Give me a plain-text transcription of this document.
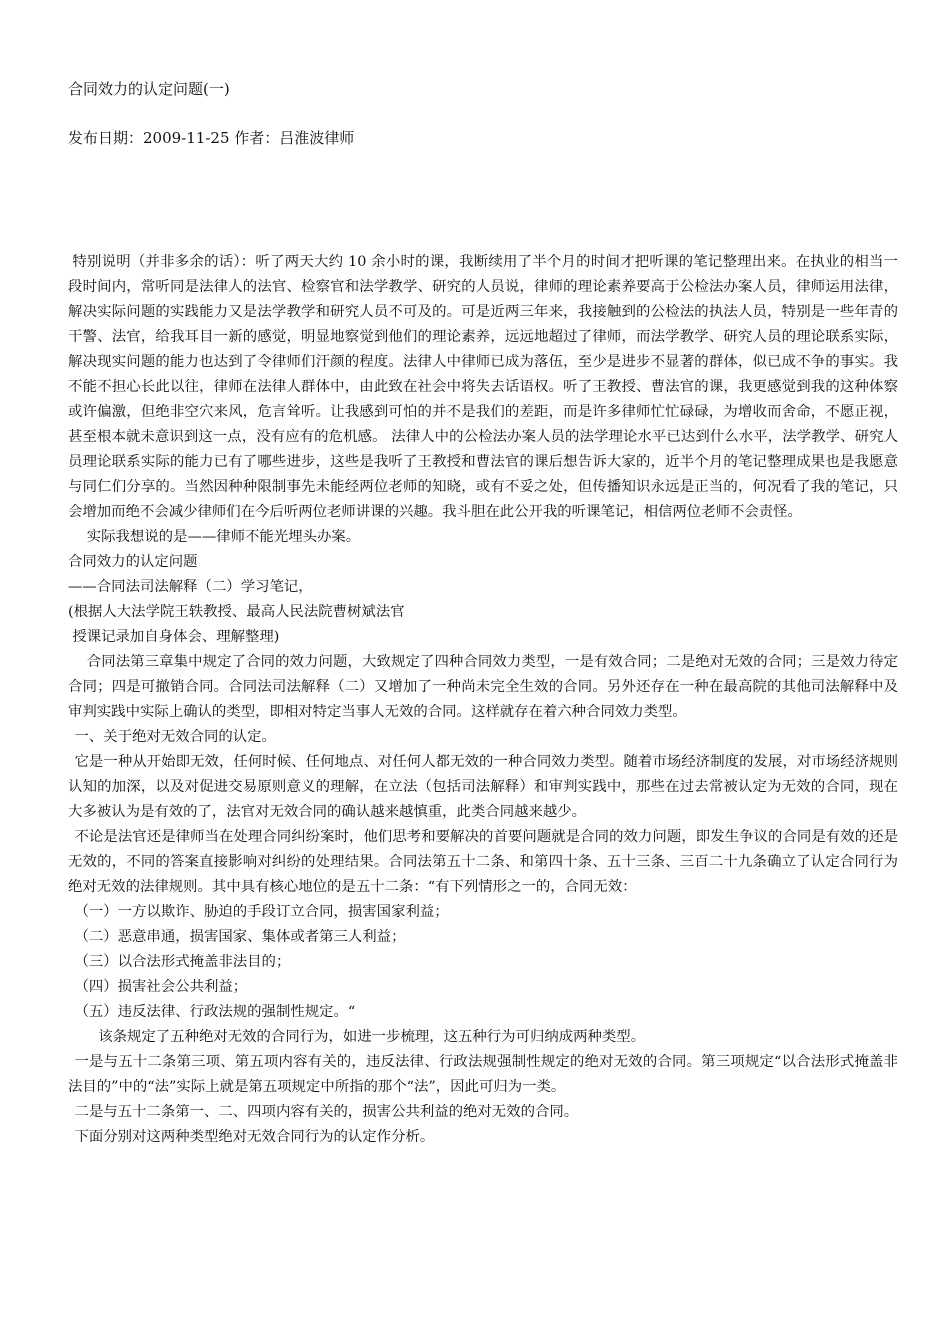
合同效力的认定问题(一)
发布日期：2009-11-25 作者：吕淮波律师

特别说明（并非多余的话）：听了两天大约 10 余小时的课，我断续用了半个月的时间才把听课的笔记整理出来。在执业的相当一段时间内，常听同是法律人的法官、检察官和法学教学、研究的人员说，律师的理论素养要高于公检法办案人员，律师运用法律，解决实际问题的实践能力又是法学教学和研究人员不可及的。可是近两三年来，我接触到的公检法的执法人员，特别是一些年青的干警、法官，给我耳目一新的感觉，明显地察觉到他们的理论素养，远远地超过了律师，而法学教学、研究人员的理论联系实际，解决现实问题的能力也达到了令律师们汗颜的程度。法律人中律师已成为落伍，至少是进步不显著的群体，似已成不争的事实。我不能不担心长此以往，律师在法律人群体中，由此致在社会中将失去话语权。听了王教授、曹法官的课，我更感觉到我的这种体察或许偏激，但绝非空穴来风，危言耸听。让我感到可怕的并不是我们的差距，而是许多律师忙忙碌碌，为增收而舍命，不愿正视，甚至根本就未意识到这一点，没有应有的危机感。 法律人中的公检法办案人员的法学理论水平已达到什么水平，法学教学、研究人员理论联系实际的能力已有了哪些进步，这些是我听了王教授和曹法官的课后想告诉大家的，近半个月的笔记整理成果也是我愿意与同仁们分享的。当然因种种限制事先未能经两位老师的知晓，或有不妥之处，但传播知识永远是正当的，何况看了我的笔记，只会增加而绝不会减少律师们在今后听两位老师讲课的兴趣。我斗胆在此公开我的听课笔记，相信两位老师不会责怪。

实际我想说的是——律师不能光埋头办案。

合同效力的认定问题

——合同法司法解释（二）学习笔记，

(根据人大法学院王轶教授、最高人民法院曹树斌法官

授课记录加自身体会、理解整理)

合同法第三章集中规定了合同的效力问题，大致规定了四种合同效力类型，一是有效合同；二是绝对无效的合同；三是效力待定合同；四是可撤销合同。合同法司法解释（二）又增加了一种尚未完全生效的合同。另外还存在一种在最高院的其他司法解释中及审判实践中实际上确认的类型，即相对特定当事人无效的合同。这样就存在着六种合同效力类型。

一、关于绝对无效合同的认定。

它是一种从开始即无效，任何时候、任何地点、对任何人都无效的一种合同效力类型。随着市场经济制度的发展，对市场经济规则认知的加深，以及对促进交易原则意义的理解，在立法（包括司法解释）和审判实践中，那些在过去常被认定为无效的合同，现在大多被认为是有效的了，法官对无效合同的确认越来越慎重，此类合同越来越少。

不论是法官还是律师当在处理合同纠纷案时，他们思考和要解决的首要问题就是合同的效力问题，即发生争议的合同是有效的还是无效的，不同的答案直接影响对纠纷的处理结果。合同法第五十二条、和第四十条、五十三条、三百二十九条确立了认定合同行为绝对无效的法律规则。其中具有核心地位的是五十二条：“有下列情形之一的，合同无效：

（一）一方以欺诈、胁迫的手段订立合同，损害国家利益；

（二）恶意串通，损害国家、集体或者第三人利益；

（三）以合法形式掩盖非法目的；

（四）损害社会公共利益；

（五）违反法律、行政法规的强制性规定。“

该条规定了五种绝对无效的合同行为，如进一步梳理，这五种行为可归纳成两种类型。

一是与五十二条第三项、第五项内容有关的，违反法律、行政法规强制性规定的绝对无效的合同。第三项规定“以合法形式掩盖非法目的”中的“法”实际上就是第五项规定中所指的那个“法”，因此可归为一类。

二是与五十二条第一、二、四项内容有关的，损害公共利益的绝对无效的合同。

下面分别对这两种类型绝对无效合同行为的认定作分析。
